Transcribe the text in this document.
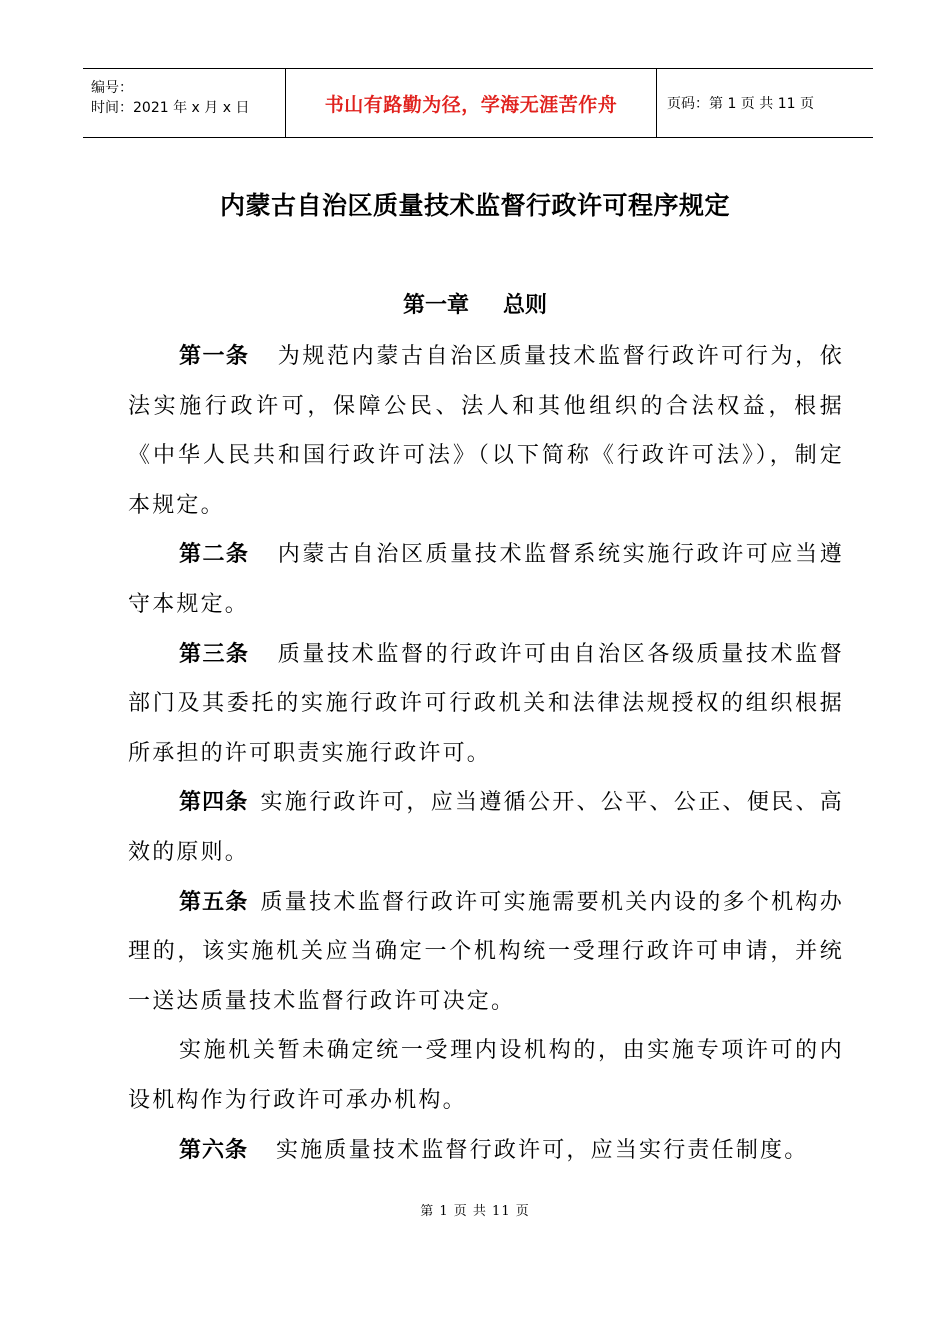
编号：
时间：2021 年 x 月 x 日	书山有路勤为径，学海无涯苦作舟	页码：第 1 页 共 11 页
内蒙古自治区质量技术监督行政许可程序规定
第一章 总则

第一条 为规范内蒙古自治区质量技术监督行政许可行为，依法实施行政许可，保障公民、法人和其他组织的合法权益，根据《中华人民共和国行政许可法》（以下简称《行政许可法》），制定本规定。

第二条 内蒙古自治区质量技术监督系统实施行政许可应当遵守本规定。

第三条 质量技术监督的行政许可由自治区各级质量技术监督部门及其委托的实施行政许可行政机关和法律法规授权的组织根据所承担的许可职责实施行政许可。

第四条 实施行政许可，应当遵循公开、公平、公正、便民、高效的原则。

第五条 质量技术监督行政许可实施需要机关内设的多个机构办理的，该实施机关应当确定一个机构统一受理行政许可申请，并统一送达质量技术监督行政许可决定。

实施机关暂未确定统一受理内设机构的，由实施专项许可的内设机构作为行政许可承办机构。

第六条 实施质量技术监督行政许可，应当实行责任制度。

第 1 页 共 11 页
